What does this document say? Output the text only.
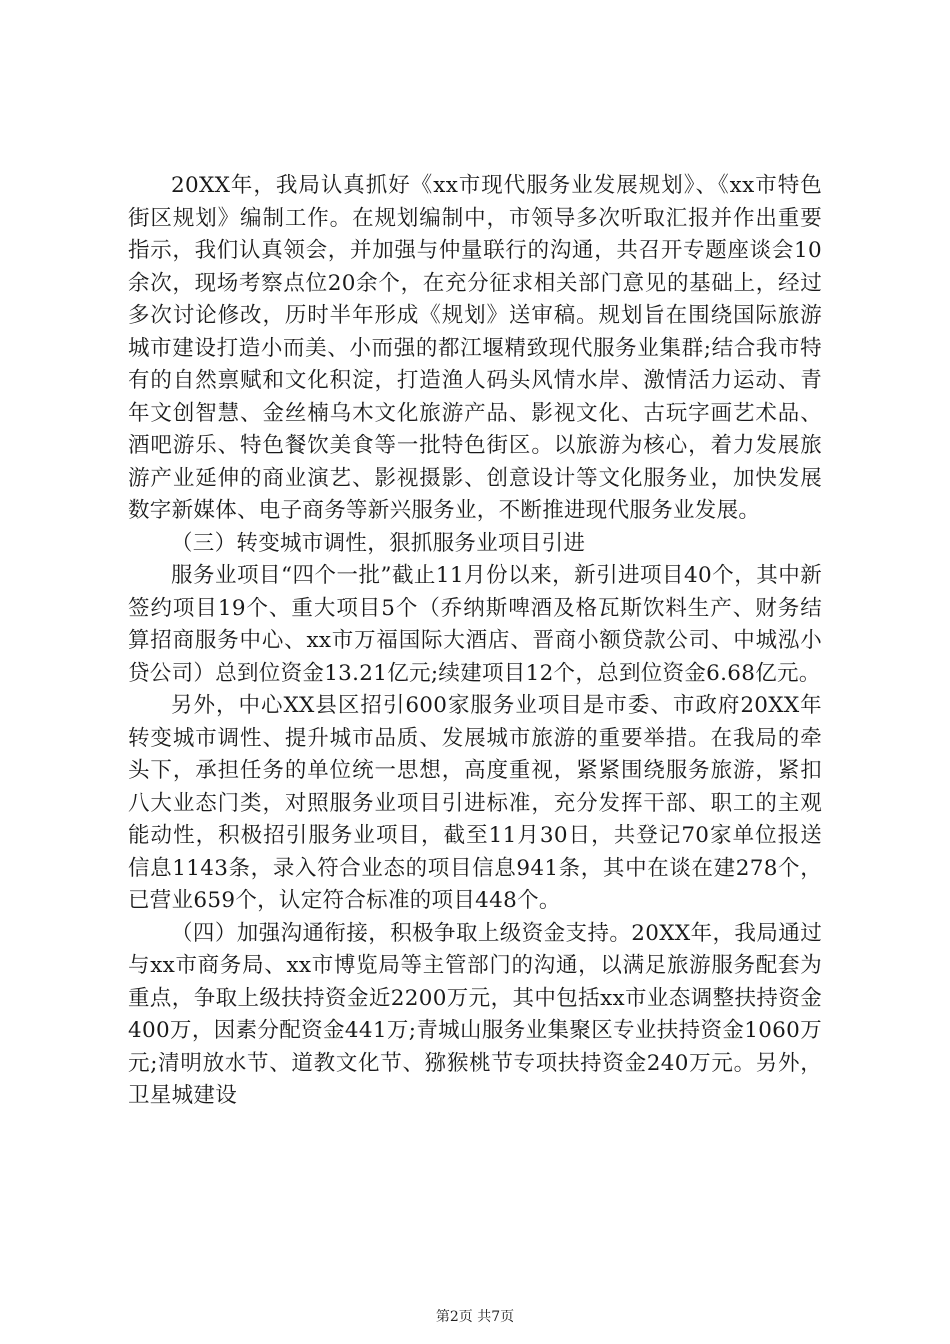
20XX年，我局认真抓好《xx市现代服务业发展规划》、《xx市特色街区规划》编制工作。在规划编制中，市领导多次听取汇报并作出重要指示，我们认真领会，并加强与仲量联行的沟通，共召开专题座谈会10余次，现场考察点位20余个，在充分征求相关部门意见的基础上，经过多次讨论修改，历时半年形成《规划》送审稿。规划旨在围绕国际旅游城市建设打造小而美、小而强的都江堰精致现代服务业集群;结合我市特有的自然禀赋和文化积淀，打造渔人码头风情水岸、激情活力运动、青年文创智慧、金丝楠乌木文化旅游产品、影视文化、古玩字画艺术品、酒吧游乐、特色餐饮美食等一批特色街区。以旅游为核心，着力发展旅游产业延伸的商业演艺、影视摄影、创意设计等文化服务业，加快发展数字新媒体、电子商务等新兴服务业，不断推进现代服务业发展。

（三）转变城市调性，狠抓服务业项目引进

服务业项目“四个一批”截止11月份以来，新引进项目40个，其中新签约项目19个、重大项目5个（乔纳斯啤酒及格瓦斯饮料生产、财务结算招商服务中心、xx市万福国际大酒店、晋商小额贷款公司、中城泓小贷公司）总到位资金13.21亿元;续建项目12个，总到位资金6.68亿元。

另外，中心XX县区招引600家服务业项目是市委、市政府20XX年转变城市调性、提升城市品质、发展城市旅游的重要举措。在我局的牵头下，承担任务的单位统一思想，高度重视，紧紧围绕服务旅游，紧扣八大业态门类，对照服务业项目引进标准，充分发挥干部、职工的主观能动性，积极招引服务业项目，截至11月30日，共登记70家单位报送信息1143条，录入符合业态的项目信息941条，其中在谈在建278个，已营业659个，认定符合标准的项目448个。

（四）加强沟通衔接，积极争取上级资金支持。20XX年，我局通过与xx市商务局、xx市博览局等主管部门的沟通，以满足旅游服务配套为重点，争取上级扶持资金近2200万元，其中包括xx市业态调整扶持资金400万，因素分配资金441万;青城山服务业集聚区专业扶持资金1060万元;清明放水节、道教文化节、猕猴桃节专项扶持资金240万元。另外，卫星城建设

第2页 共7页
